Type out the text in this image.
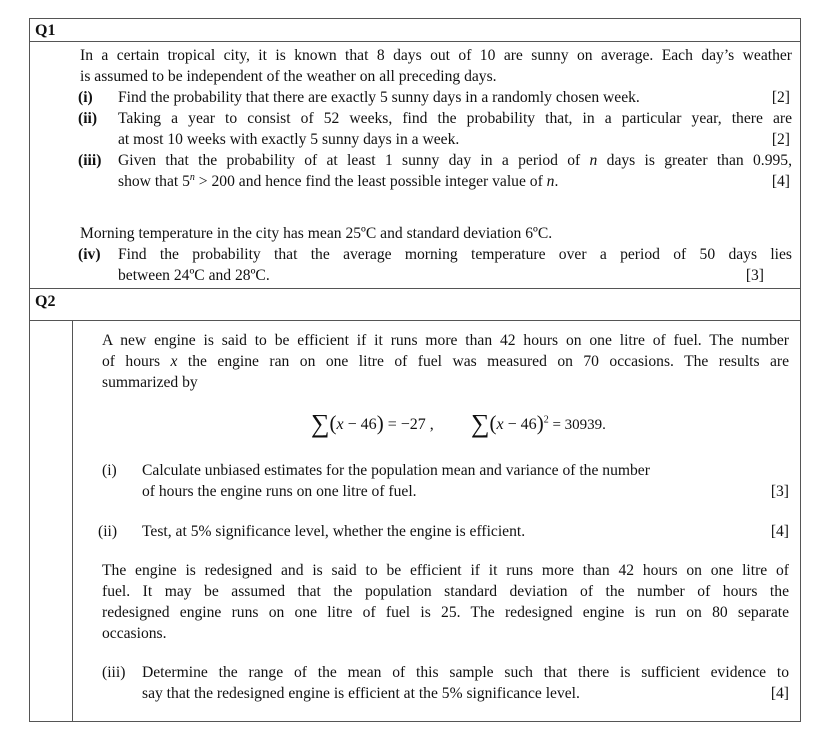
Q1
In a certain tropical city, it is known that 8 days out of 10 are sunny on average. Each day’s weather
is assumed to be independent of the weather on all preceding days.
(i) Find the probability that there are exactly 5 sunny days in a randomly chosen week.	[2]
(ii) Taking a year to consist of 52 weeks, find the probability that, in a particular year, there are
at most 10 weeks with exactly 5 sunny days in a week.	[2]
(iii) Given that the probability of at least 1 sunny day in a period of n days is greater than 0.995,
show that $5^n > 200$ and hence find the least possible integer value of n.	[4]
Morning temperature in the city has mean 25ºC and standard deviation 6ºC.
(iv) Find the probability that the average morning temperature over a period of 50 days lies
between 24ºC and 28ºC.	[3]
Q2
A new engine is said to be efficient if it runs more than 42 hours on one litre of fuel. The number
of hours x the engine ran on one litre of fuel was measured on 70 occasions. The results are
summarized by
∑(x − 46) = −27 , $\sum(x - 46)^2 = 30939$.
(i) Calculate unbiased estimates for the population mean and variance of the number
of hours the engine runs on one litre of fuel.	[3]
(ii) Test, at 5% significance level, whether the engine is efficient.	[4]
The engine is redesigned and is said to be efficient if it runs more than 42 hours on one litre of
fuel. It may be assumed that the population standard deviation of the number of hours the
redesigned engine runs on one litre of fuel is 25. The redesigned engine is run on 80 separate
occasions.
(iii) Determine the range of the mean of this sample such that there is sufficient evidence to
say that the redesigned engine is efficient at the 5% significance level.	[4]
